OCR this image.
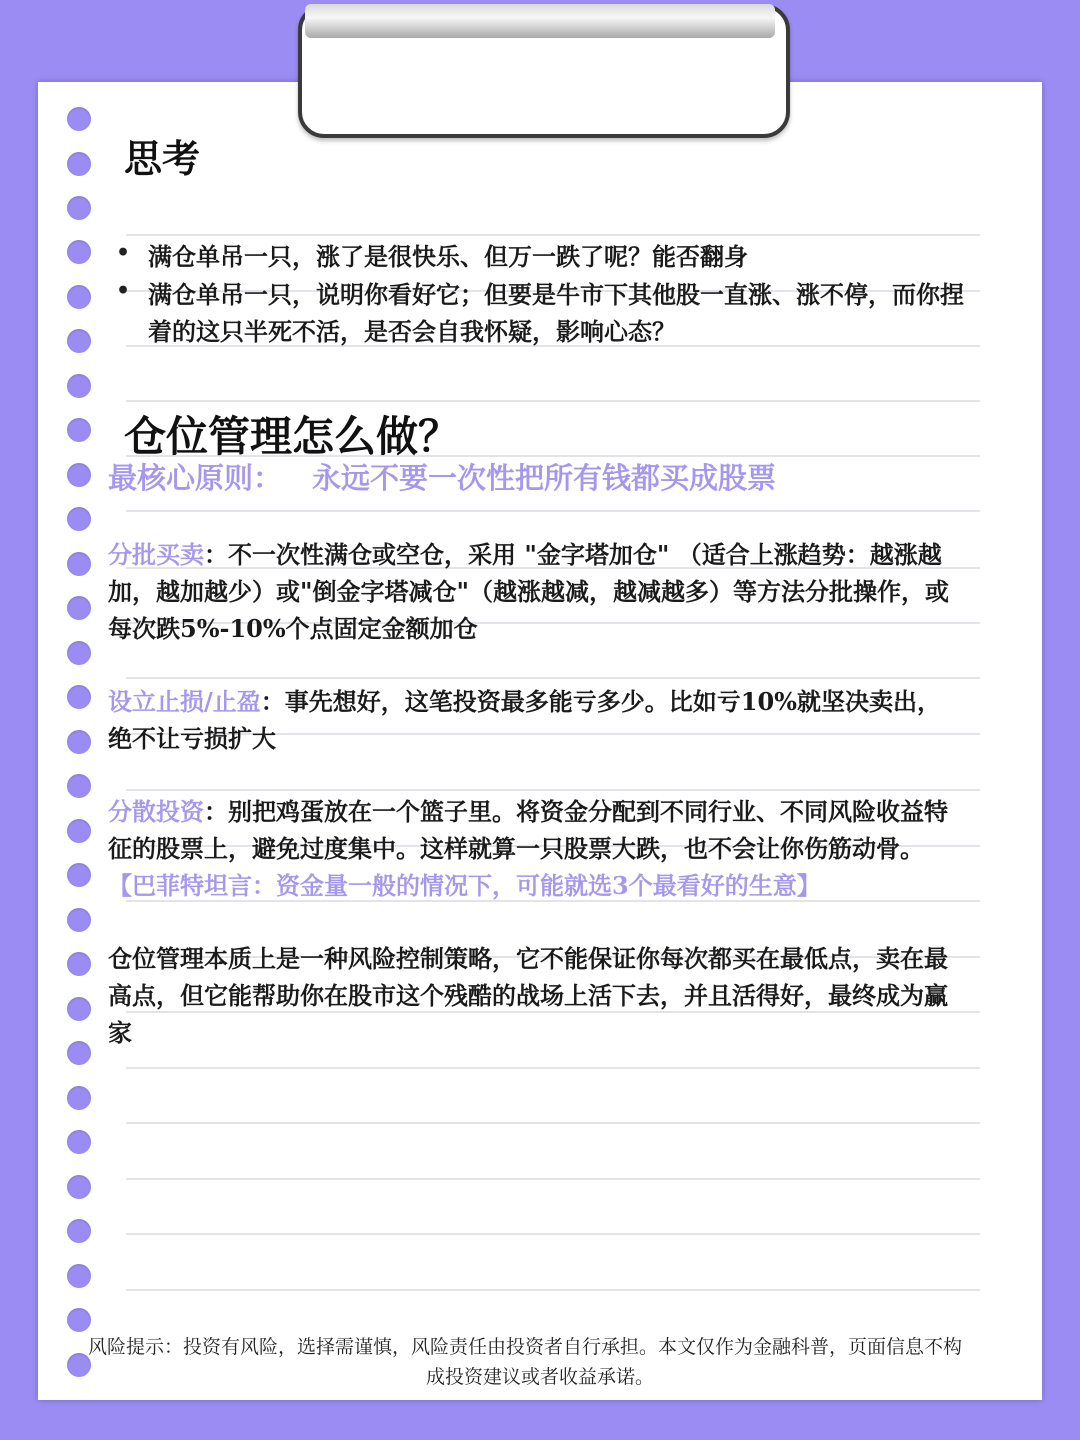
思考
• 满仓单吊一只，涨了是很快乐、但万一跌了呢？能否翻身

• 满仓单吊一只，说明你看好它；但要是牛市下其他股一直涨、涨不停，而你捏

着的这只半死不活，是否会自我怀疑，影响心态？

仓位管理怎么做？

最核心原则： 永远不要一次性把所有钱都买成股票

分批买卖：不一次性满仓或空仓，采用 "金字塔加仓" （适合上涨趋势：越涨越

加，越加越少）或"倒金字塔减仓"（越涨越减，越减越多）等方法分批操作，或

每次跌5%-10%个点固定金额加仓

设立止损/止盈：事先想好，这笔投资最多能亏多少。比如亏10%就坚决卖出，

绝不让亏损扩大

分散投资：别把鸡蛋放在一个篮子里。将资金分配到不同行业、不同风险收益特

征的股票上，避免过度集中。这样就算一只股票大跌，也不会让你伤筋动骨。

【巴菲特坦言：资金量一般的情况下，可能就选3个最看好的生意】

仓位管理本质上是一种风险控制策略，它不能保证你每次都买在最低点，卖在最

高点，但它能帮助你在股市这个残酷的战场上活下去，并且活得好，最终成为赢

家

风险提示：投资有风险，选择需谨慎，风险责任由投资者自行承担。本文仅作为金融科普，页面信息不构
成投资建议或者收益承诺。
